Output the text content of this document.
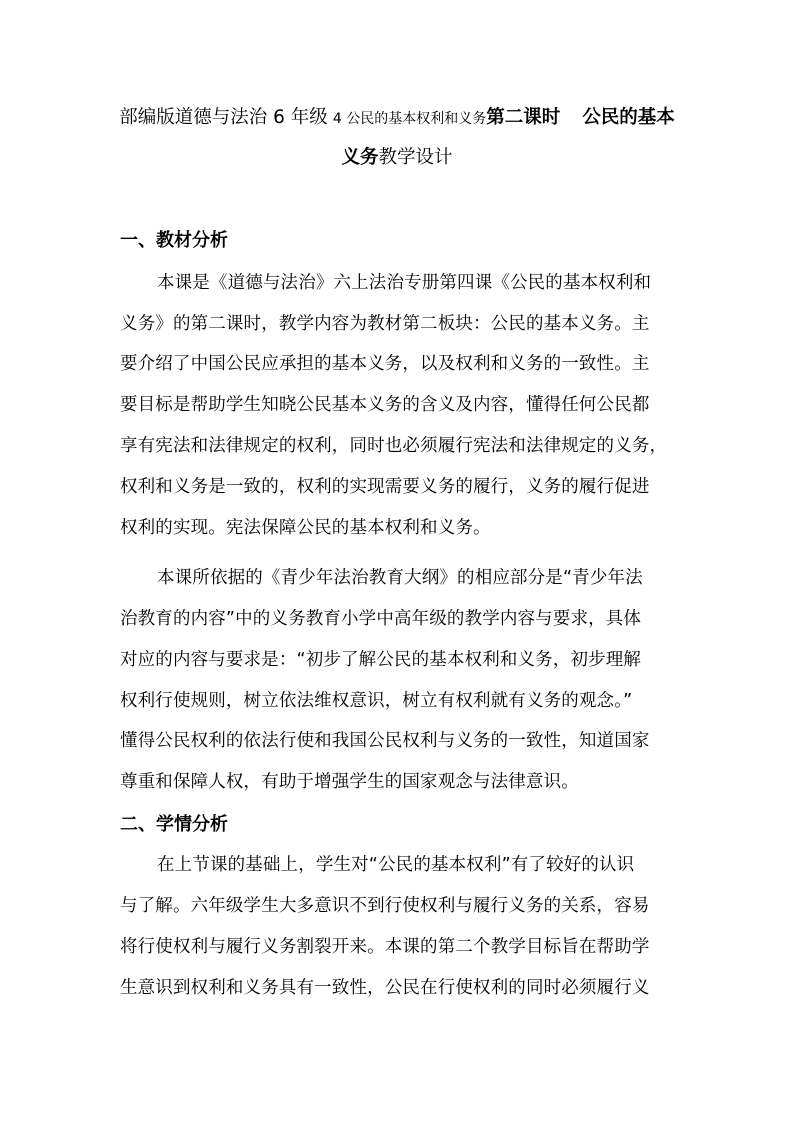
部编版道德与法治 6 年级 4 公民的基本权利和义务第二课时 公民的基本
义务教学设计
一、教材分析
本课是《道德与法治》六上法治专册第四课《公民的基本权利和
义务》的第二课时，教学内容为教材第二板块：公民的基本义务。主
要介绍了中国公民应承担的基本义务，以及权利和义务的一致性。主
要目标是帮助学生知晓公民基本义务的含义及内容，懂得任何公民都
享有宪法和法律规定的权利，同时也必须履行宪法和法律规定的义务，
权利和义务是一致的，权利的实现需要义务的履行，义务的履行促进
权利的实现。宪法保障公民的基本权利和义务。
本课所依据的《青少年法治教育大纲》的相应部分是“青少年法
治教育的内容”中的义务教育小学中高年级的教学内容与要求，具体
对应的内容与要求是：“初步了解公民的基本权利和义务，初步理解
权利行使规则，树立依法维权意识，树立有权利就有义务的观念。”
懂得公民权利的依法行使和我国公民权利与义务的一致性，知道国家
尊重和保障人权，有助于增强学生的国家观念与法律意识。
二、学情分析
在上节课的基础上，学生对“公民的基本权利”有了较好的认识
与了解。六年级学生大多意识不到行使权利与履行义务的关系，容易
将行使权利与履行义务割裂开来。本课的第二个教学目标旨在帮助学
生意识到权利和义务具有一致性，公民在行使权利的同时必须履行义
